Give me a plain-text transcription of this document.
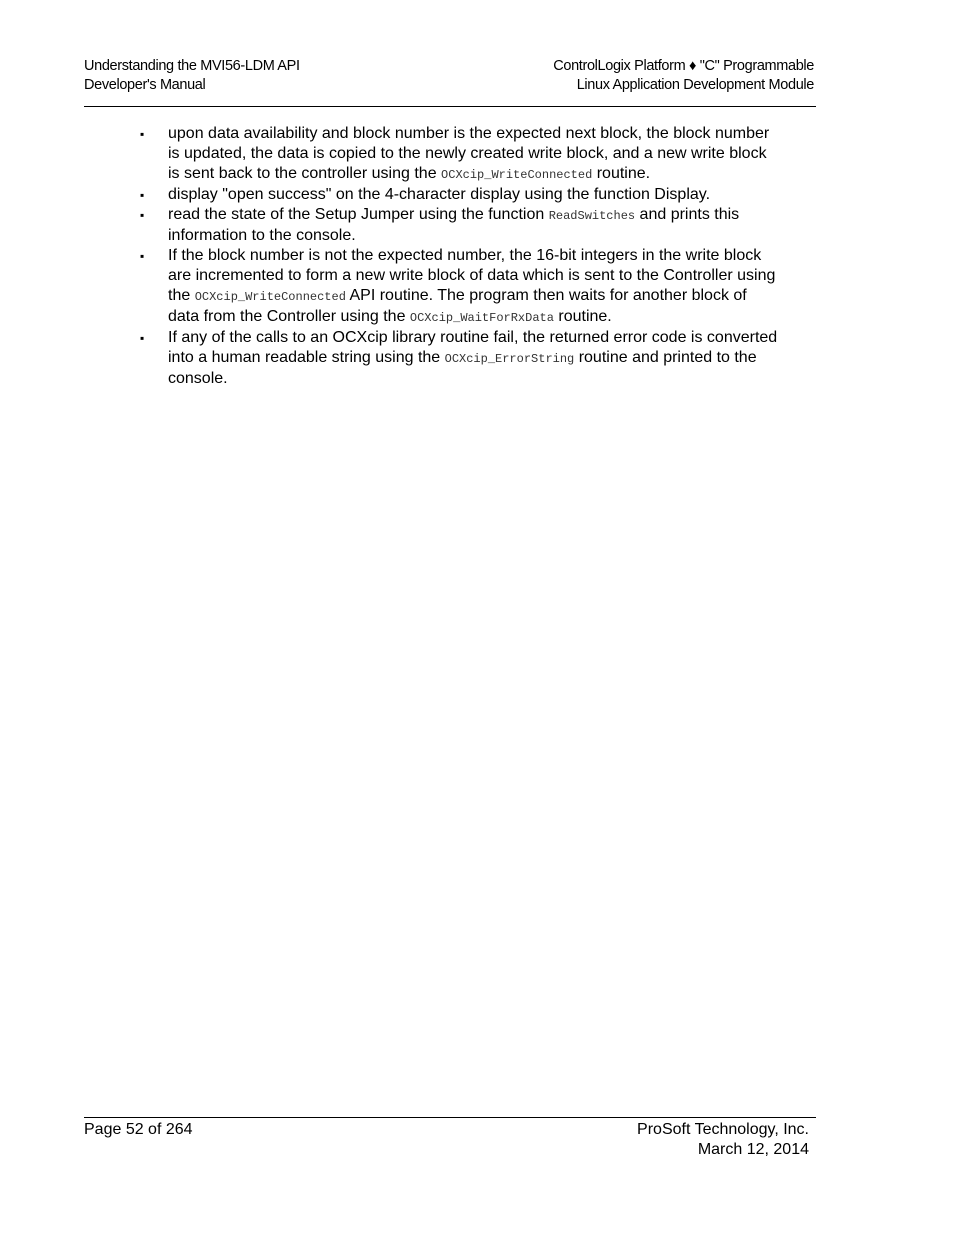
Understanding the MVI56-LDM API
Developer's Manual
ControlLogix Platform ♦ "C" Programmable
Linux Application Development Module
▪	upon data availability and block number is the expected next block, the block number is updated, the data is copied to the newly created write block, and a new write block is sent back to the controller using the OCXcip_WriteConnected routine.
▪	display "open success" on the 4-character display using the function Display.
▪	read the state of the Setup Jumper using the function ReadSwitches and prints this information to the console.
▪	If the block number is not the expected number, the 16-bit integers in the write block are incremented to form a new write block of data which is sent to the Controller using the OCXcip_WriteConnected API routine. The program then waits for another block of data from the Controller using the OCXcip_WaitForRxData routine.
▪	If any of the calls to an OCXcip library routine fail, the returned error code is converted into a human readable string using the OCXcip_ErrorString routine and printed to the console.
Page 52 of 264	ProSoft Technology, Inc.
March 12, 2014
